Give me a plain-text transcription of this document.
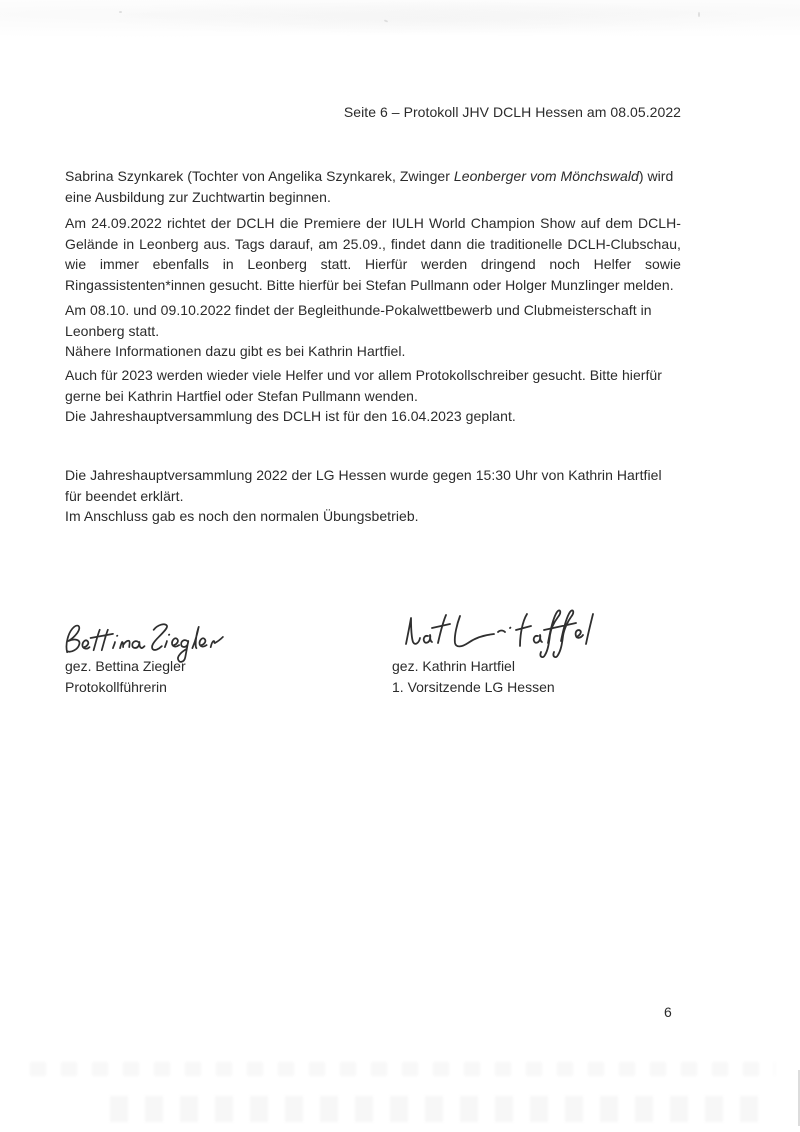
Seite 6 – Protokoll JHV DCLH Hessen am 08.05.2022
Sabrina Szynkarek (Tochter von Angelika Szynkarek, Zwinger Leonberger vom Mönchswald) wird eine Ausbildung zur Zuchtwartin beginnen.
Am 24.09.2022 richtet der DCLH die Premiere der IULH World Champion Show auf dem DCLH-Gelände in Leonberg aus. Tags darauf, am 25.09., findet dann die traditionelle DCLH-Clubschau, wie immer ebenfalls in Leonberg statt. Hierfür werden dringend noch Helfer sowie Ringassistenten*innen gesucht. Bitte hierfür bei Stefan Pullmann oder Holger Munzlinger melden.
Am 08.10. und 09.10.2022 findet der Begleithunde-Pokalwettbewerb und Clubmeisterschaft in Leonberg statt.
Nähere Informationen dazu gibt es bei Kathrin Hartfiel.
Auch für 2023 werden wieder viele Helfer und vor allem Protokollschreiber gesucht. Bitte hierfür gerne bei Kathrin Hartfiel oder Stefan Pullmann wenden.
Die Jahreshauptversammlung des DCLH ist für den 16.04.2023 geplant.
Die Jahreshauptversammlung 2022 der LG Hessen wurde gegen 15:30 Uhr von Kathrin Hartfiel für beendet erklärt.
Im Anschluss gab es noch den normalen Übungsbetrieb.
gez. Bettina Ziegler
Protokollführerin
gez. Kathrin Hartfiel
1. Vorsitzende LG Hessen
6
